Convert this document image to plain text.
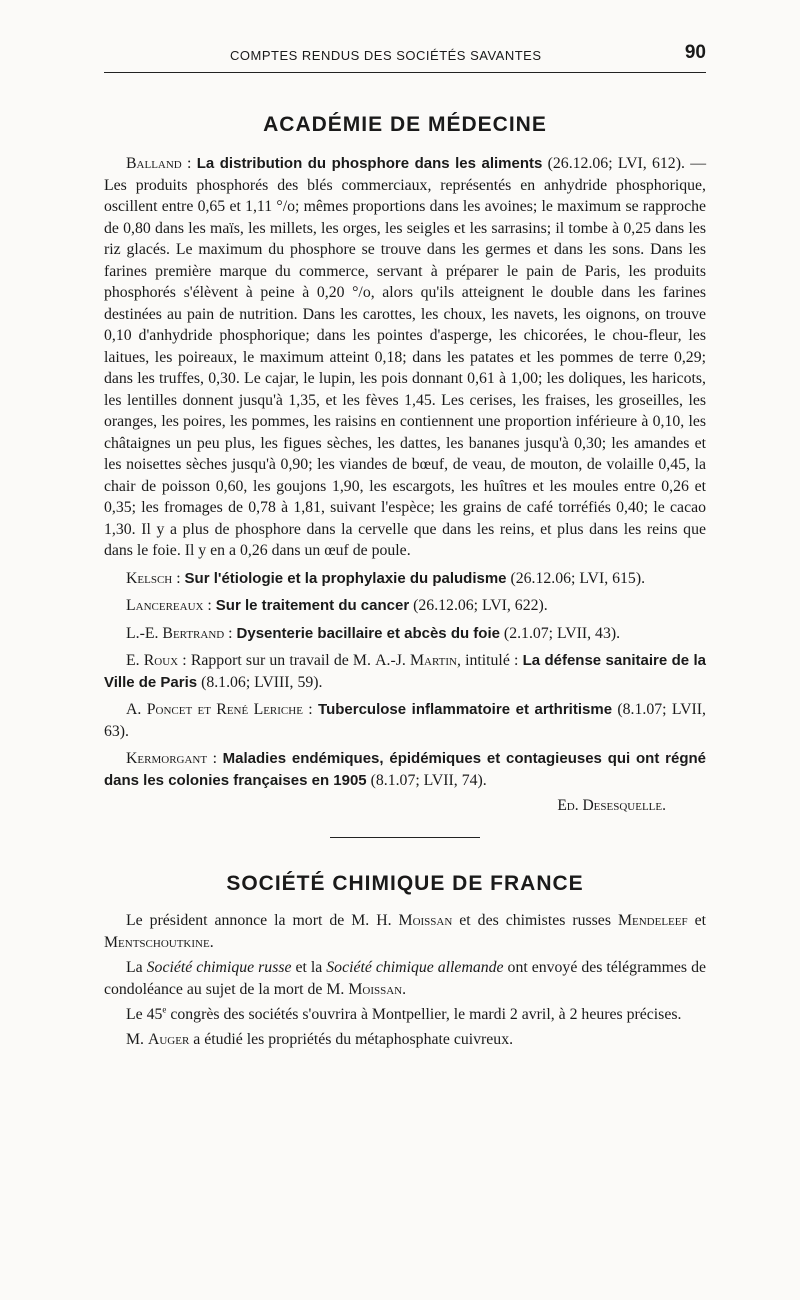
COMPTES RENDUS DES SOCIÉTÉS SAVANTES	90
ACADÉMIE DE MÉDECINE

Balland : La distribution du phosphore dans les aliments (26.12.06; LVI, 612). — Les produits phosphorés des blés commerciaux, représentés en anhydride phosphorique, oscillent entre 0,65 et 1,11 °/o; mêmes proportions dans les avoines; le maximum se rapproche de 0,80 dans les maïs, les millets, les orges, les seigles et les sarrasins; il tombe à 0,25 dans les riz glacés. Le maximum du phosphore se trouve dans les germes et dans les sons. Dans les farines première marque du commerce, servant à préparer le pain de Paris, les produits phosphorés s'élèvent à peine à 0,20 °/o, alors qu'ils atteignent le double dans les farines destinées au pain de nutrition. Dans les carottes, les choux, les navets, les oignons, on trouve 0,10 d'anhydride phosphorique; dans les pointes d'asperge, les chicorées, le chou-fleur, les laitues, les poireaux, le maximum atteint 0,18; dans les patates et les pommes de terre 0,29; dans les truffes, 0,30. Le cajar, le lupin, les pois donnant 0,61 à 1,00; les doliques, les haricots, les lentilles donnent jusqu'à 1,35, et les fèves 1,45. Les cerises, les fraises, les groseilles, les oranges, les poires, les pommes, les raisins en contiennent une proportion inférieure à 0,10, les châtaignes un peu plus, les figues sèches, les dattes, les bananes jusqu'à 0,30; les amandes et les noisettes sèches jusqu'à 0,90; les viandes de bœuf, de veau, de mouton, de volaille 0,45, la chair de poisson 0,60, les goujons 1,90, les escargots, les huîtres et les moules entre 0,26 et 0,35; les fromages de 0,78 à 1,81, suivant l'espèce; les grains de café torréfiés 0,40; le cacao 1,30. Il y a plus de phosphore dans la cervelle que dans les reins, et plus dans les reins que dans le foie. Il y en a 0,26 dans un œuf de poule.

Kelsch : Sur l'étiologie et la prophylaxie du paludisme (26.12.06; LVI, 615).

Lancereaux : Sur le traitement du cancer (26.12.06; LVI, 622).

L.-E. Bertrand : Dysenterie bacillaire et abcès du foie (2.1.07; LVII, 43).

E. Roux : Rapport sur un travail de M. A.-J. Martin, intitulé : La défense sanitaire de la Ville de Paris (8.1.06; LVIII, 59).

A. Poncet et René Leriche : Tuberculose inflammatoire et arthritisme (8.1.07; LVII, 63).

Kermorgant : Maladies endémiques, épidémiques et contagieuses qui ont régné dans les colonies françaises en 1905 (8.1.07; LVII, 74).

Ed. Desesquelle.
SOCIÉTÉ CHIMIQUE DE FRANCE

Le président annonce la mort de M. H. Moissan et des chimistes russes Mendeleef et Mentschoutkine.

La Société chimique russe et la Société chimique allemande ont envoyé des télégrammes de condoléance au sujet de la mort de M. Moissan.

Le 45e congrès des sociétés s'ouvrira à Montpellier, le mardi 2 avril, à 2 heures précises.

M. Auger a étudié les propriétés du métaphosphate cuivreux.
